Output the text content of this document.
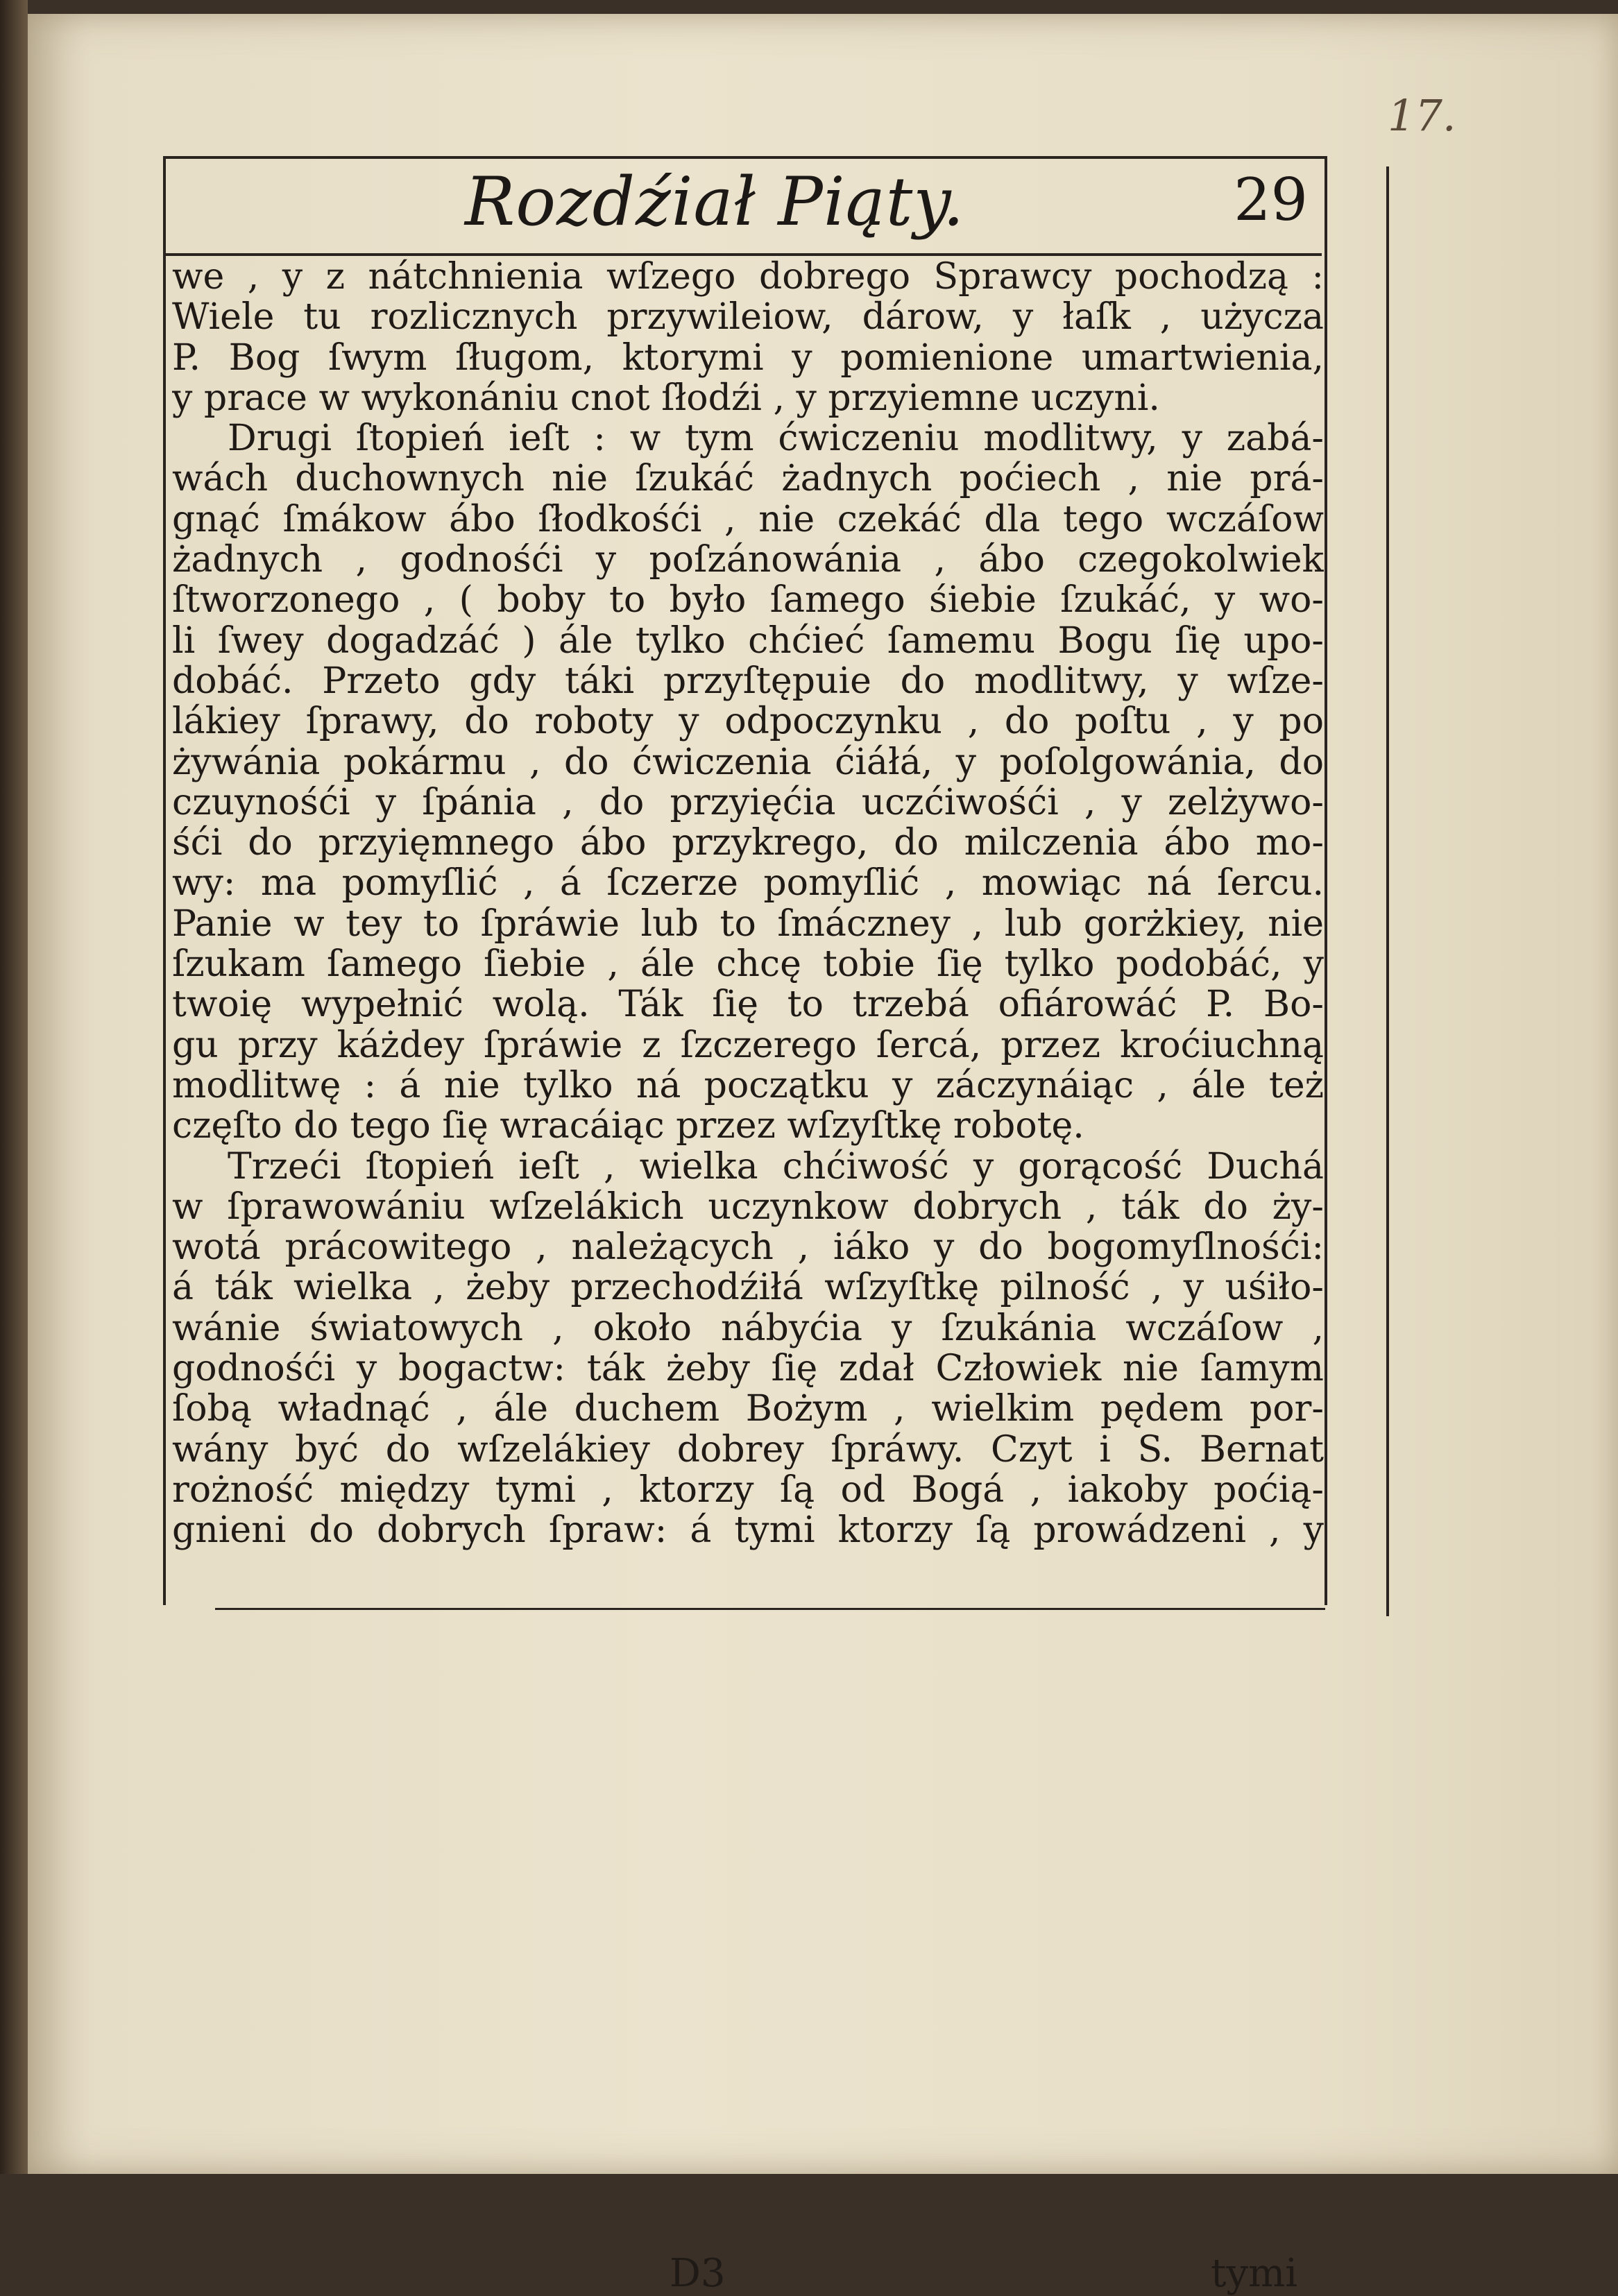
17.
Rozdźiał Piąty.	29
we , y z nátchnienia wſzego dobrego Sprawcy pochodzą :
Wiele tu rozlicznych przywileiow, dárow, y łaſk , użycza
P. Bog ſwym ſługom, ktorymi y pomienione umartwienia,
y prace w wykonániu cnot ſłodźi , y przyiemne uczyni.
Drugi ſtopień ieſt : w tym ćwiczeniu modlitwy, y zabá-
wách duchownych nie ſzukáć żadnych poćiech , nie prá-
gnąć ſmákow ábo ſłodkośći , nie czekáć dla tego wczáſow
żadnych , godnośći y poſzánowánia , ábo czegokolwiek
ſtworzonego , ( boby to było ſamego śiebie ſzukáć, y wo-
li ſwey dogadzáć ) ále tylko chćieć ſamemu Bogu ſię upo-
dobáć. Przeto gdy táki przyſtępuie do modlitwy, y wſze-
lákiey ſprawy, do roboty y odpoczynku , do poſtu , y po
żywánia pokármu , do ćwiczenia ćiáłá, y poſolgowánia, do
czuynośći y ſpánia , do przyięćia uczćiwośći , y zelżywo-
śći do przyięmnego ábo przykrego, do milczenia ábo mo-
wy: ma pomyſlić , á ſczerze pomyſlić , mowiąc ná ſercu.
Panie w tey to ſpráwie lub to ſmáczney , lub gorżkiey, nie
ſzukam ſamego ſiebie , ále chcę tobie ſię tylko podobáć, y
twoię wypełnić wolą. Ták ſię to trzebá ofiárowáć P. Bo-
gu przy káżdey ſpráwie z ſzczerego ſercá, przez krоćiuchną
modlitwę : á nie tylko ná początku y záczynáiąc , ále też
częſto do tego ſię wracáiąc przez wſzyſtkę robotę.
Trzeći ſtopień ieſt , wielka chćiwość y gorącość Duchá
w ſprawowániu wſzelákich uczynkow dobrych , ták do ży-
wotá prácowitego , należących , iáko y do bogomyſlnośći:
á ták wielka , żeby przechodźiłá wſzyſtkę pilność , y uśiło-
wánie światowych , około nábyćia y ſzukánia wczáſow ,
godnośći y bogactw: ták żeby ſię zdał Człowiek nie ſamym
ſobą władnąć , ále duchem Bożym , wielkim pędem por-
wány być do wſzelákiey dobrey ſpráwy. Czyt i S. Bernat
rożność między tymi , ktorzy ſą od Bogá , iakoby poćią-
gnieni do dobrych ſpraw: á tymi ktorzy ſą prowádzeni , y
D3	tymi
